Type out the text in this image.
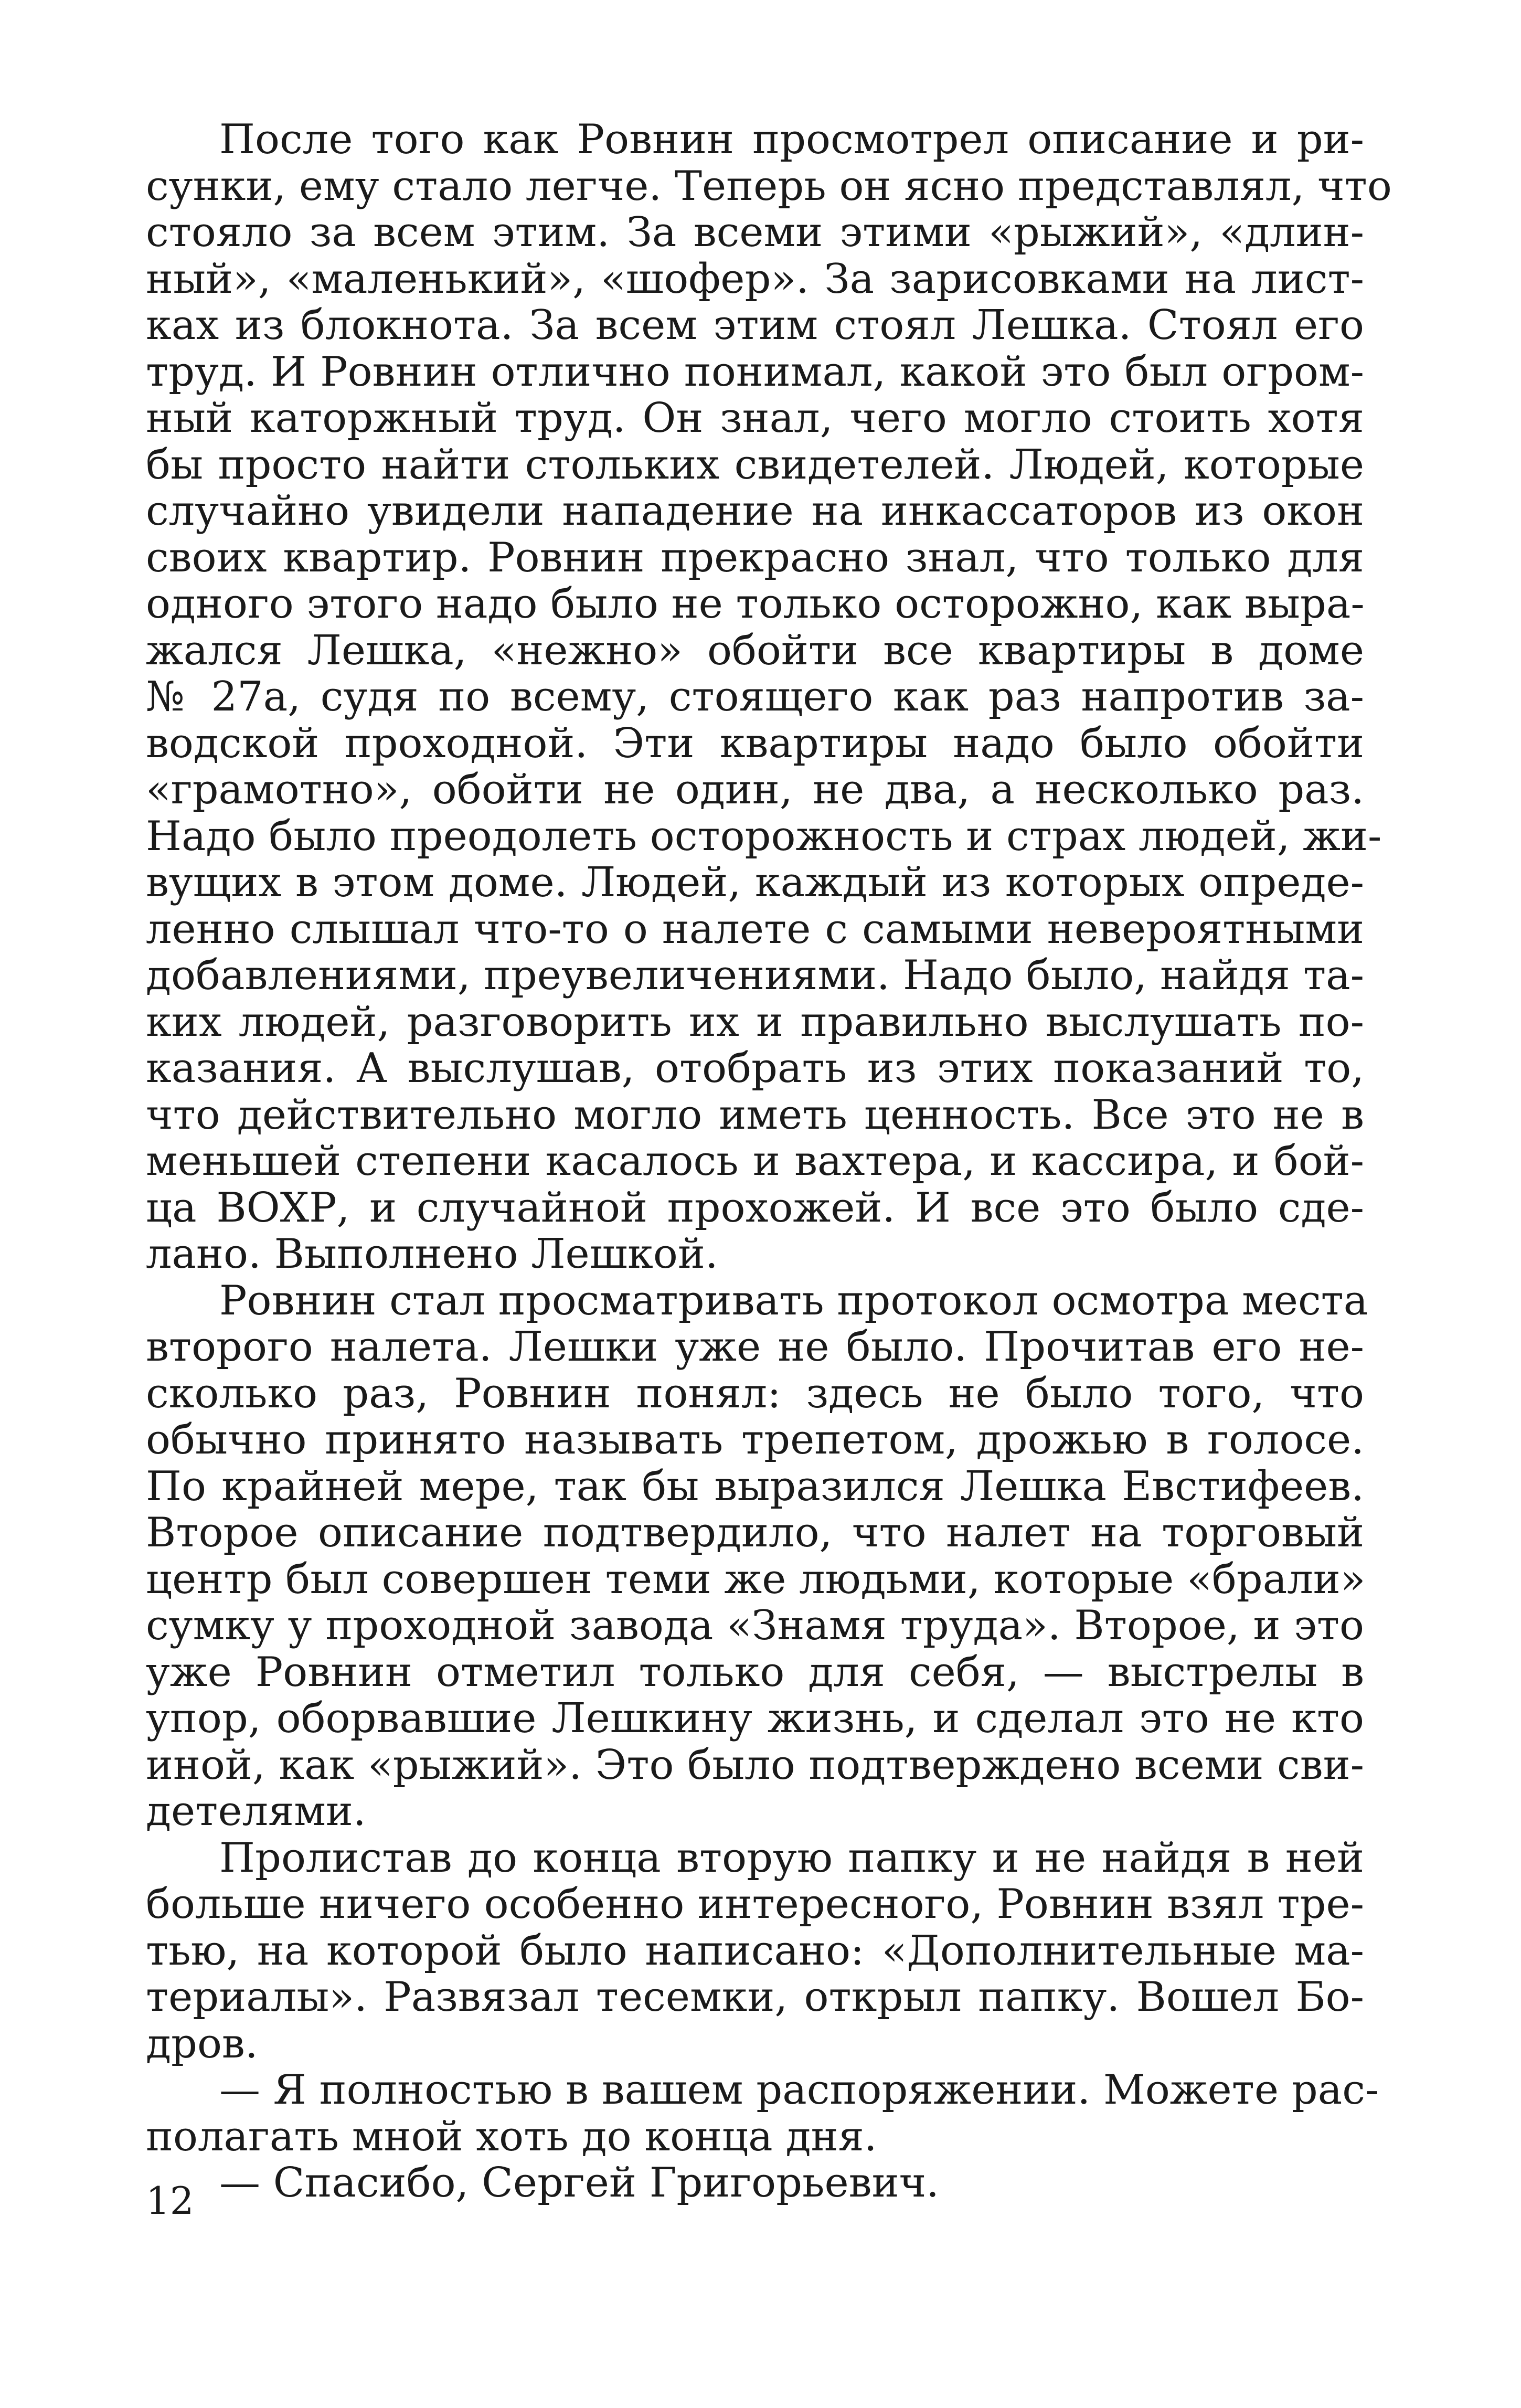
После того как Ровнин просмотрел описание и ри-
сунки, ему стало легче. Теперь он ясно представлял, что
стояло за всем этим. За всеми этими «рыжий», «длин-
ный», «маленький», «шофер». За зарисовками на лист-
ках из блокнота. За всем этим стоял Лешка. Стоял его
труд. И Ровнин отлично понимал, какой это был огром-
ный каторжный труд. Он знал, чего могло стоить хотя
бы просто найти стольких свидетелей. Людей, которые
случайно увидели нападение на инкассаторов из окон
своих квартир. Ровнин прекрасно знал, что только для
одного этого надо было не только осторожно, как выра-
жался Лешка, «нежно» обойти все квартиры в доме
№ 27а, судя по всему, стоящего как раз напротив за-
водской проходной. Эти квартиры надо было обойти
«грамотно», обойти не один, не два, а несколько раз.
Надо было преодолеть осторожность и страх людей, жи-
вущих в этом доме. Людей, каждый из которых опреде-
ленно слышал что-то о налете с самыми невероятными
добавлениями, преувеличениями. Надо было, найдя та-
ких людей, разговорить их и правильно выслушать по-
казания. А выслушав, отобрать из этих показаний то,
что действительно могло иметь ценность. Все это не в
меньшей степени касалось и вахтера, и кассира, и бой-
ца ВОХР, и случайной прохожей. И все это было сде-
лано. Выполнено Лешкой.
Ровнин стал просматривать протокол осмотра места
второго налета. Лешки уже не было. Прочитав его не-
сколько раз, Ровнин понял: здесь не было того, что
обычно принято называть трепетом, дрожью в голосе.
По крайней мере, так бы выразился Лешка Евстифеев.
Второе описание подтвердило, что налет на торговый
центр был совершен теми же людьми, которые «брали»
сумку у проходной завода «Знамя труда». Второе, и это
уже Ровнин отметил только для себя, — выстрелы в
упор, оборвавшие Лешкину жизнь, и сделал это не кто
иной, как «рыжий». Это было подтверждено всеми сви-
детелями.
Пролистав до конца вторую папку и не найдя в ней
больше ничего особенно интересного, Ровнин взял тре-
тью, на которой было написано: «Дополнительные ма-
териалы». Развязал тесемки, открыл папку. Вошел Бо-
дров.
— Я полностью в вашем распоряжении. Можете рас-
полагать мной хоть до конца дня.
— Спасибо, Сергей Григорьевич.
12
